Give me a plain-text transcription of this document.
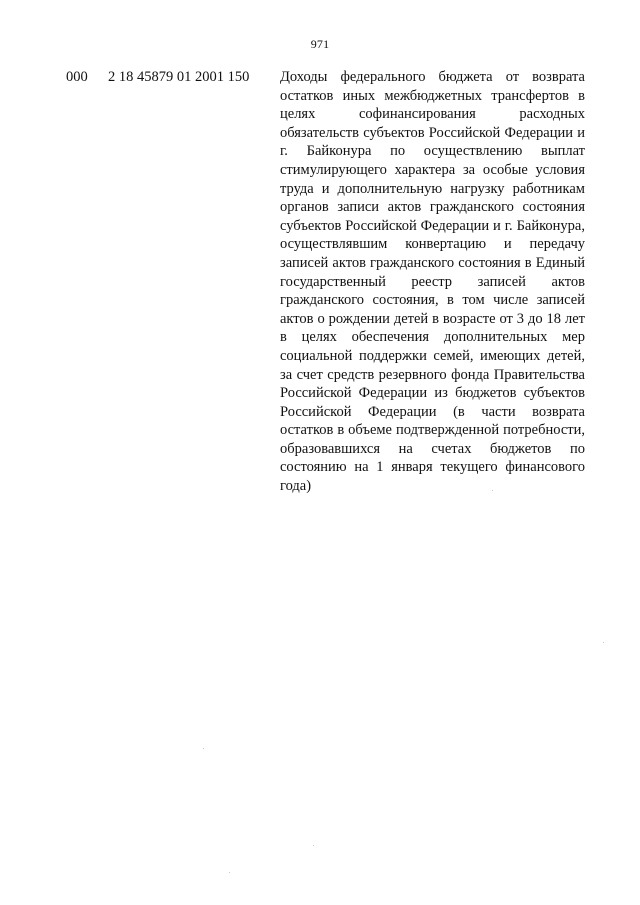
971
000 2 18 45879 01 2001 150 Доходы федерального бюджета от возврата остатков иных межбюджетных трансфертов в целях софинансирования расходных обязательств субъектов Российской Федерации и г. Байконура по осуществлению выплат стимулирующего характера за особые условия труда и дополнительную нагрузку работникам органов записи актов гражданского состояния субъектов Российской Федерации и г. Байконура, осуществлявшим конвертацию и передачу записей актов гражданского состояния в Единый государственный реестр записей актов гражданского состояния, в том числе записей актов о рождении детей в возрасте от 3 до 18 лет в целях обеспечения дополнительных мер социальной поддержки семей, имеющих детей, за счет средств резервного фонда Правительства Российской Федерации из бюджетов субъектов Российской Федерации (в части возврата остатков в объеме подтвержденной потребности, образовавшихся на счетах бюджетов по состоянию на 1 января текущего финансового года)
